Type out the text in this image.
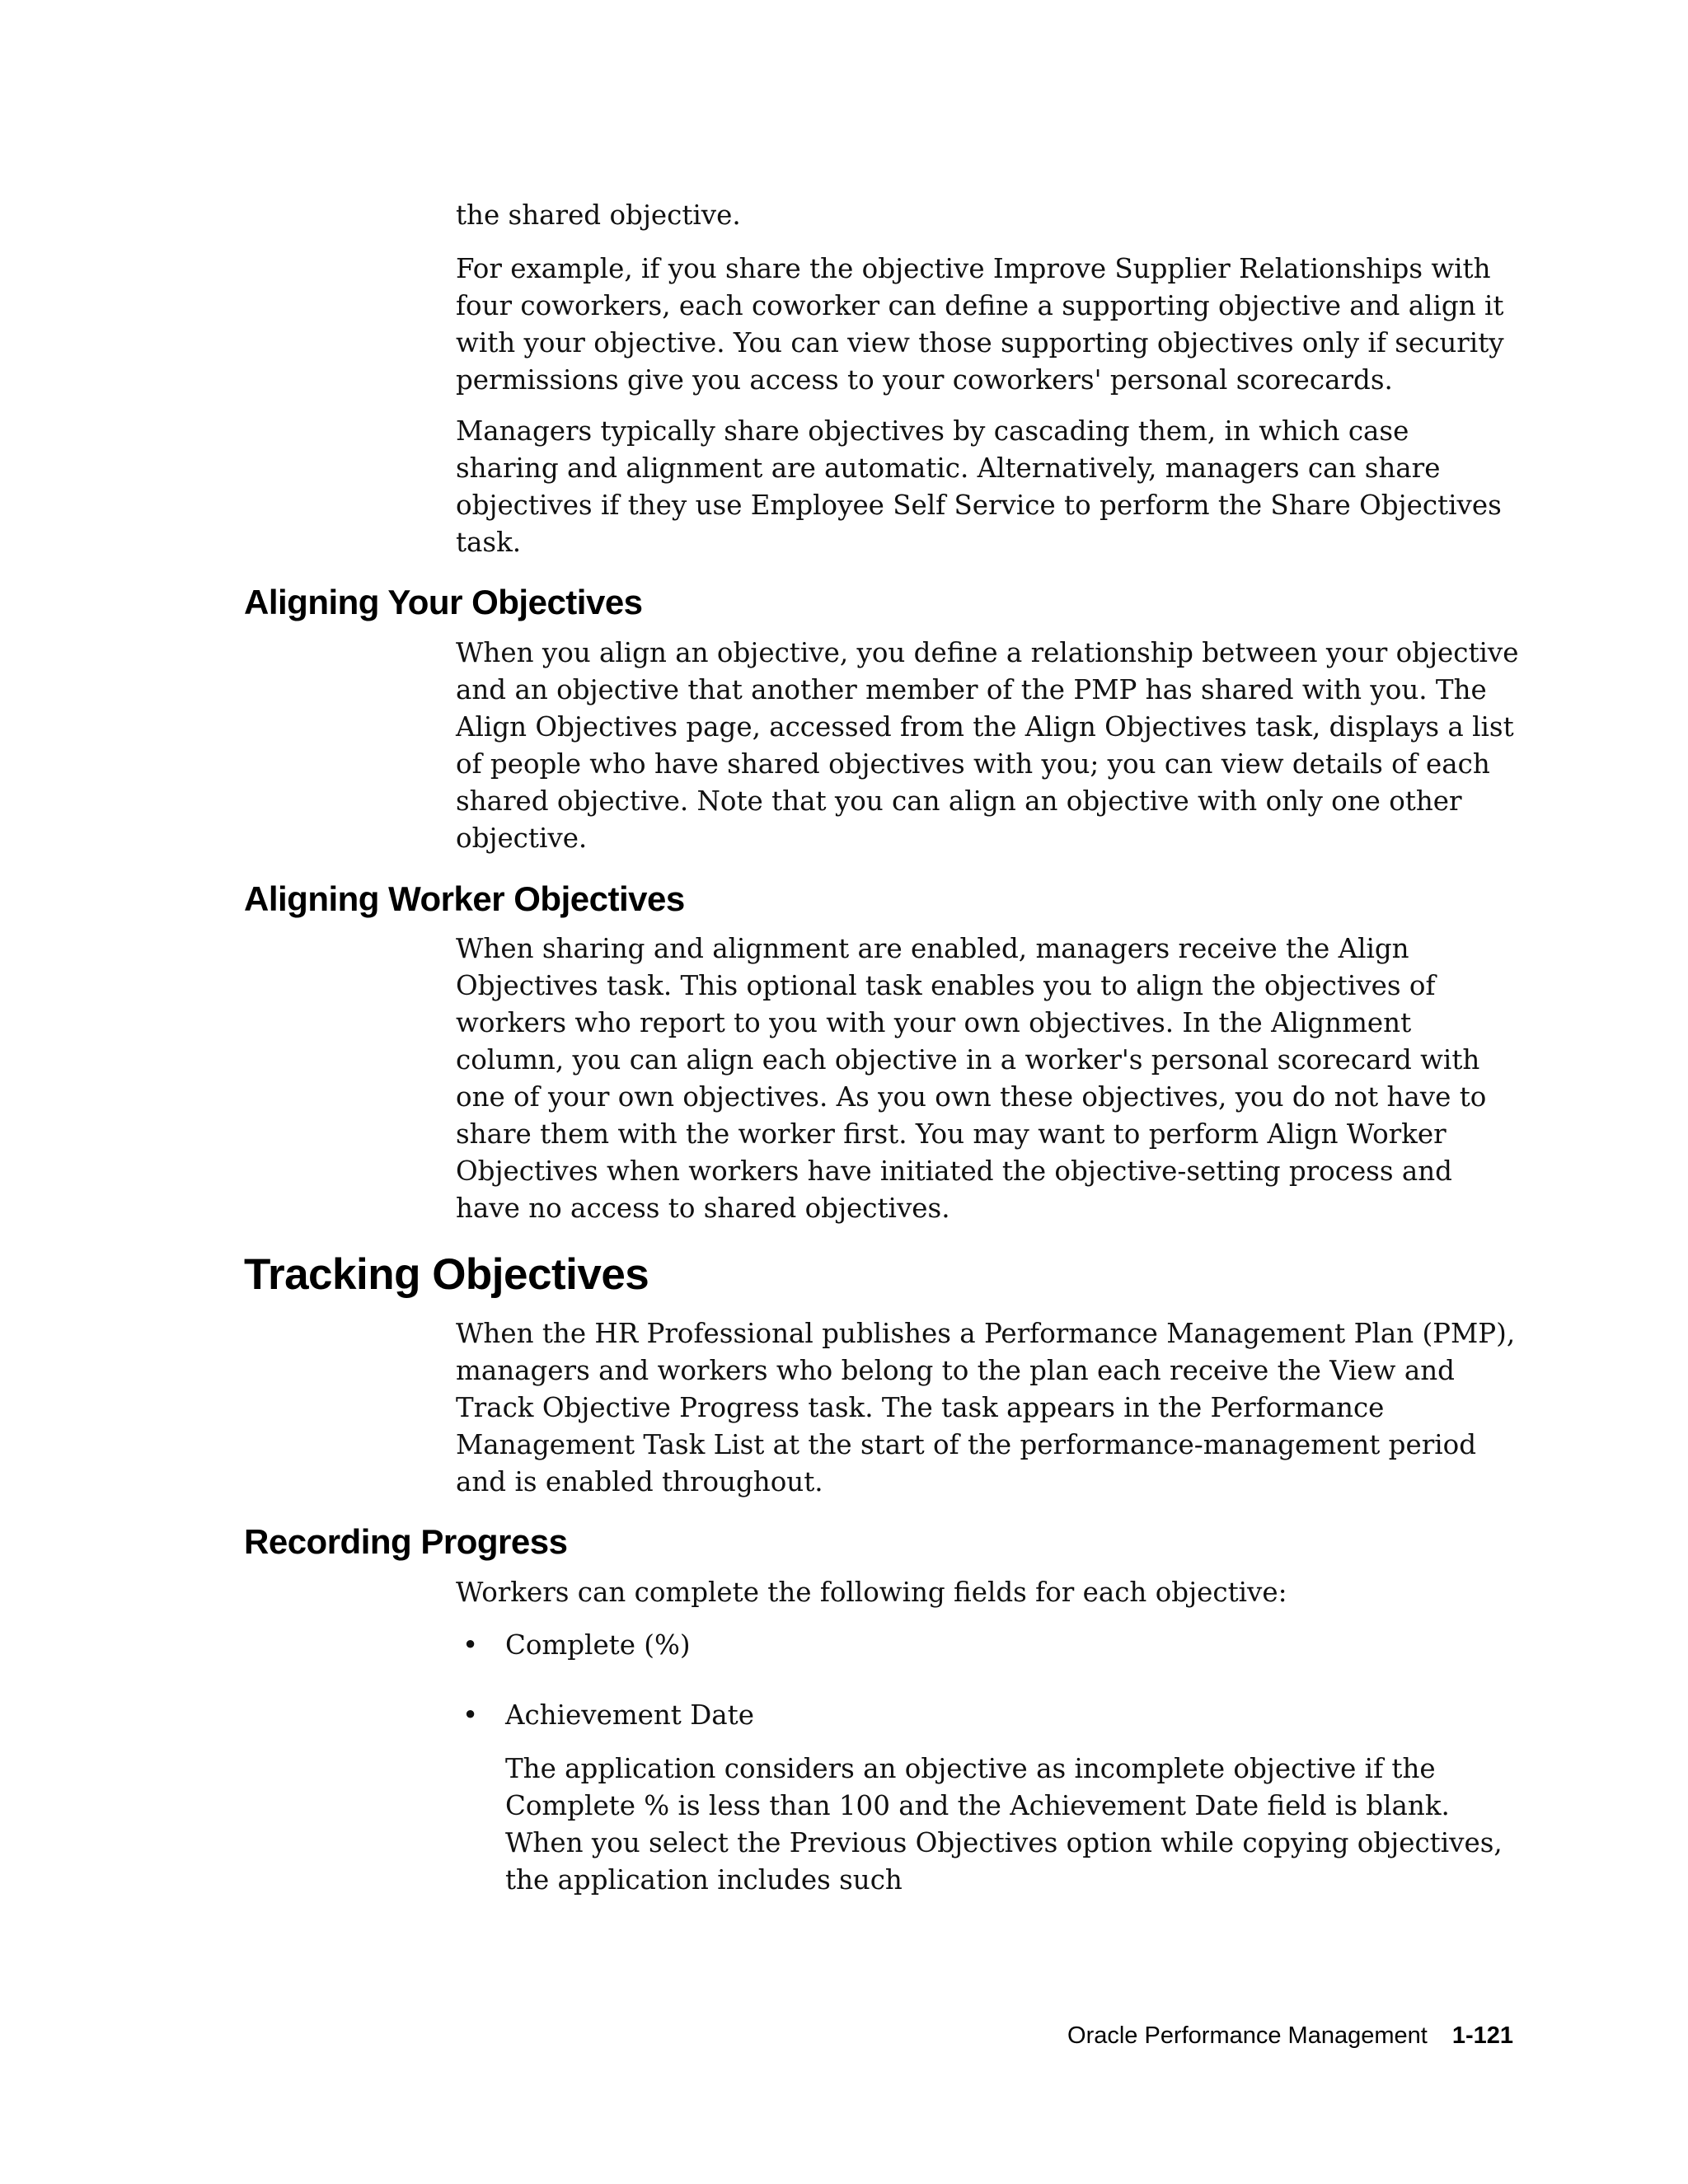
the shared objective.

For example, if you share the objective Improve Supplier Relationships with four coworkers, each coworker can define a supporting objective and align it with your objective. You can view those supporting objectives only if security permissions give you access to your coworkers' personal scorecards.

Managers typically share objectives by cascading them, in which case sharing and alignment are automatic. Alternatively, managers can share objectives if they use Employee Self Service to perform the Share Objectives task.

Aligning Your Objectives

When you align an objective, you define a relationship between your objective and an objective that another member of the PMP has shared with you. The Align Objectives page, accessed from the Align Objectives task, displays a list of people who have shared objectives with you; you can view details of each shared objective. Note that you can align an objective with only one other objective.

Aligning Worker Objectives

When sharing and alignment are enabled, managers receive the Align Objectives task. This optional task enables you to align the objectives of workers who report to you with your own objectives. In the Alignment column, you can align each objective in a worker's personal scorecard with one of your own objectives. As you own these objectives, you do not have to share them with the worker first. You may want to perform Align Worker Objectives when workers have initiated the objective-setting process and have no access to shared objectives.

Tracking Objectives

When the HR Professional publishes a Performance Management Plan (PMP), managers and workers who belong to the plan each receive the View and Track Objective Progress task. The task appears in the Performance Management Task List at the start of the performance-management period and is enabled throughout.

Recording Progress

Workers can complete the following fields for each objective:

• Complete (%)
• Achievement Date

The application considers an objective as incomplete objective if the Complete % is less than 100 and the Achievement Date field is blank. When you select the Previous Objectives option while copying objectives, the application includes such

Oracle Performance Management 1-121
